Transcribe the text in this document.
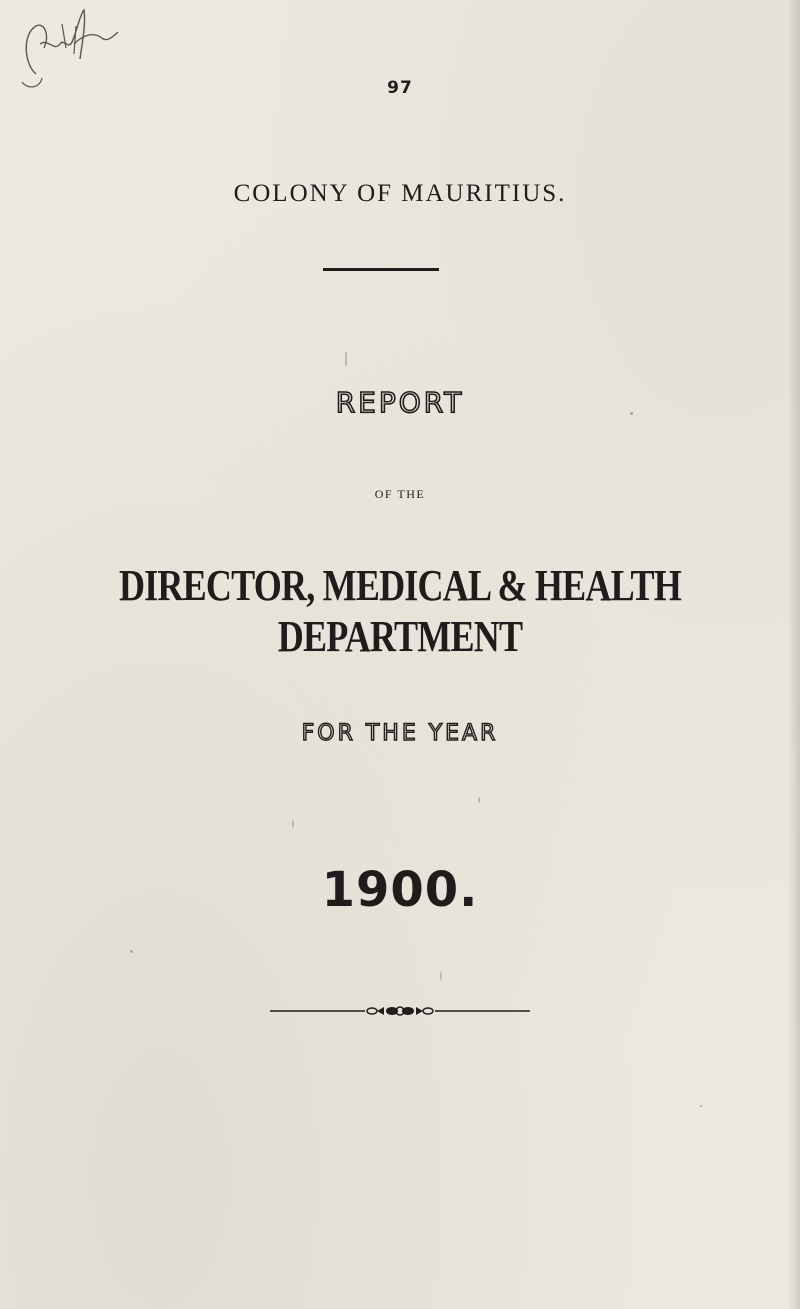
97
COLONY OF MAURITIUS.
REPORT
OF THE
DIRECTOR, MEDICAL & HEALTH DEPARTMENT
FOR THE YEAR
1900.
